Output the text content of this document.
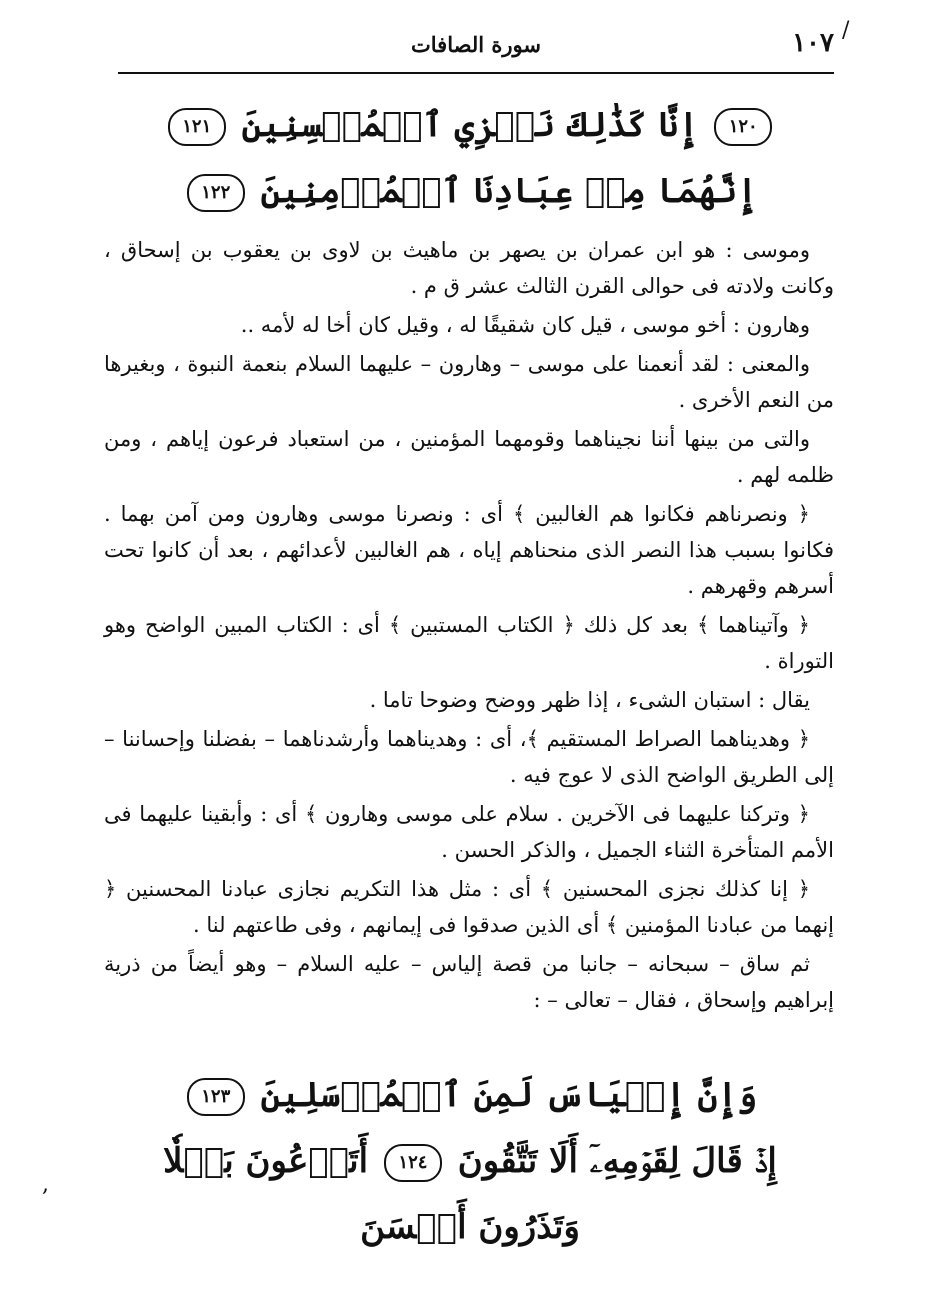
١٠٧
سورة الصافات
/
١٢٠ إِنَّا كَذَٰلِكَ نَجۡزِي ٱلۡمُحۡسِنِينَ ١٢١
إِنَّهُمَا مِنۡ عِبَادِنَا ٱلۡمُؤۡمِنِينَ ١٢٢

وموسى : هو ابن عمران بن يصهر بن ماهيث بن لاوى بن يعقوب بن إسحاق ، وكانت ولادته فى حوالى القرن الثالث عشر ق م .

وهارون : أخو موسى ، قيل كان شقيقًا له ، وقيل كان أخا له لأمه ..

والمعنى : لقد أنعمنا على موسى – وهارون – عليهما السلام بنعمة النبوة ، وبغيرها من النعم الأخرى .

والتى من بينها أننا نجيناهما وقومهما المؤمنين ، من استعباد فرعون إياهم ، ومن ظلمه لهم .

﴿ ونصرناهم فكانوا هم الغالبين ﴾ أى : ونصرنا موسى وهارون ومن آمن بهما . فكانوا بسبب هذا النصر الذى منحناهم إياه ، هم الغالبين لأعدائهم ، بعد أن كانوا تحت أسرهم وقهرهم .

﴿ وآتيناهما ﴾ بعد كل ذلك ﴿ الكتاب المستبين ﴾ أى : الكتاب المبين الواضح وهو التوراة .

يقال : استبان الشىء ، إذا ظهر ووضح وضوحا تاما .

﴿ وهديناهما الصراط المستقيم ﴾، أى : وهديناهما وأرشدناهما – بفضلنا وإحساننا – إلى الطريق الواضح الذى لا عوج فيه .

﴿ وتركنا عليهما فى الآخرين . سلام على موسى وهارون ﴾ أى : وأبقينا عليهما فى الأمم المتأخرة الثناء الجميل ، والذكر الحسن .

﴿ إنا كذلك نجزى المحسنين ﴾ أى : مثل هذا التكريم نجازى عبادنا المحسنين ﴿ إنهما من عبادنا المؤمنين ﴾ أى الذين صدقوا فى إيمانهم ، وفى طاعتهم لنا .

ثم ساق – سبحانه – جانبا من قصة إلياس – عليه السلام – وهو أيضاً من ذرية إبراهيم وإسحاق ، فقال – تعالى – :

وَإِنَّ إِلۡيَاسَ لَمِنَ ٱلۡمُرۡسَلِينَ ١٢٣
إِذۡ قَالَ لِقَوۡمِهِۦٓ أَلَا تَتَّقُونَ ١٢٤ أَتَدۡعُونَ بَعۡلٗا وَتَذَرُونَ أَحۡسَنَ
,
